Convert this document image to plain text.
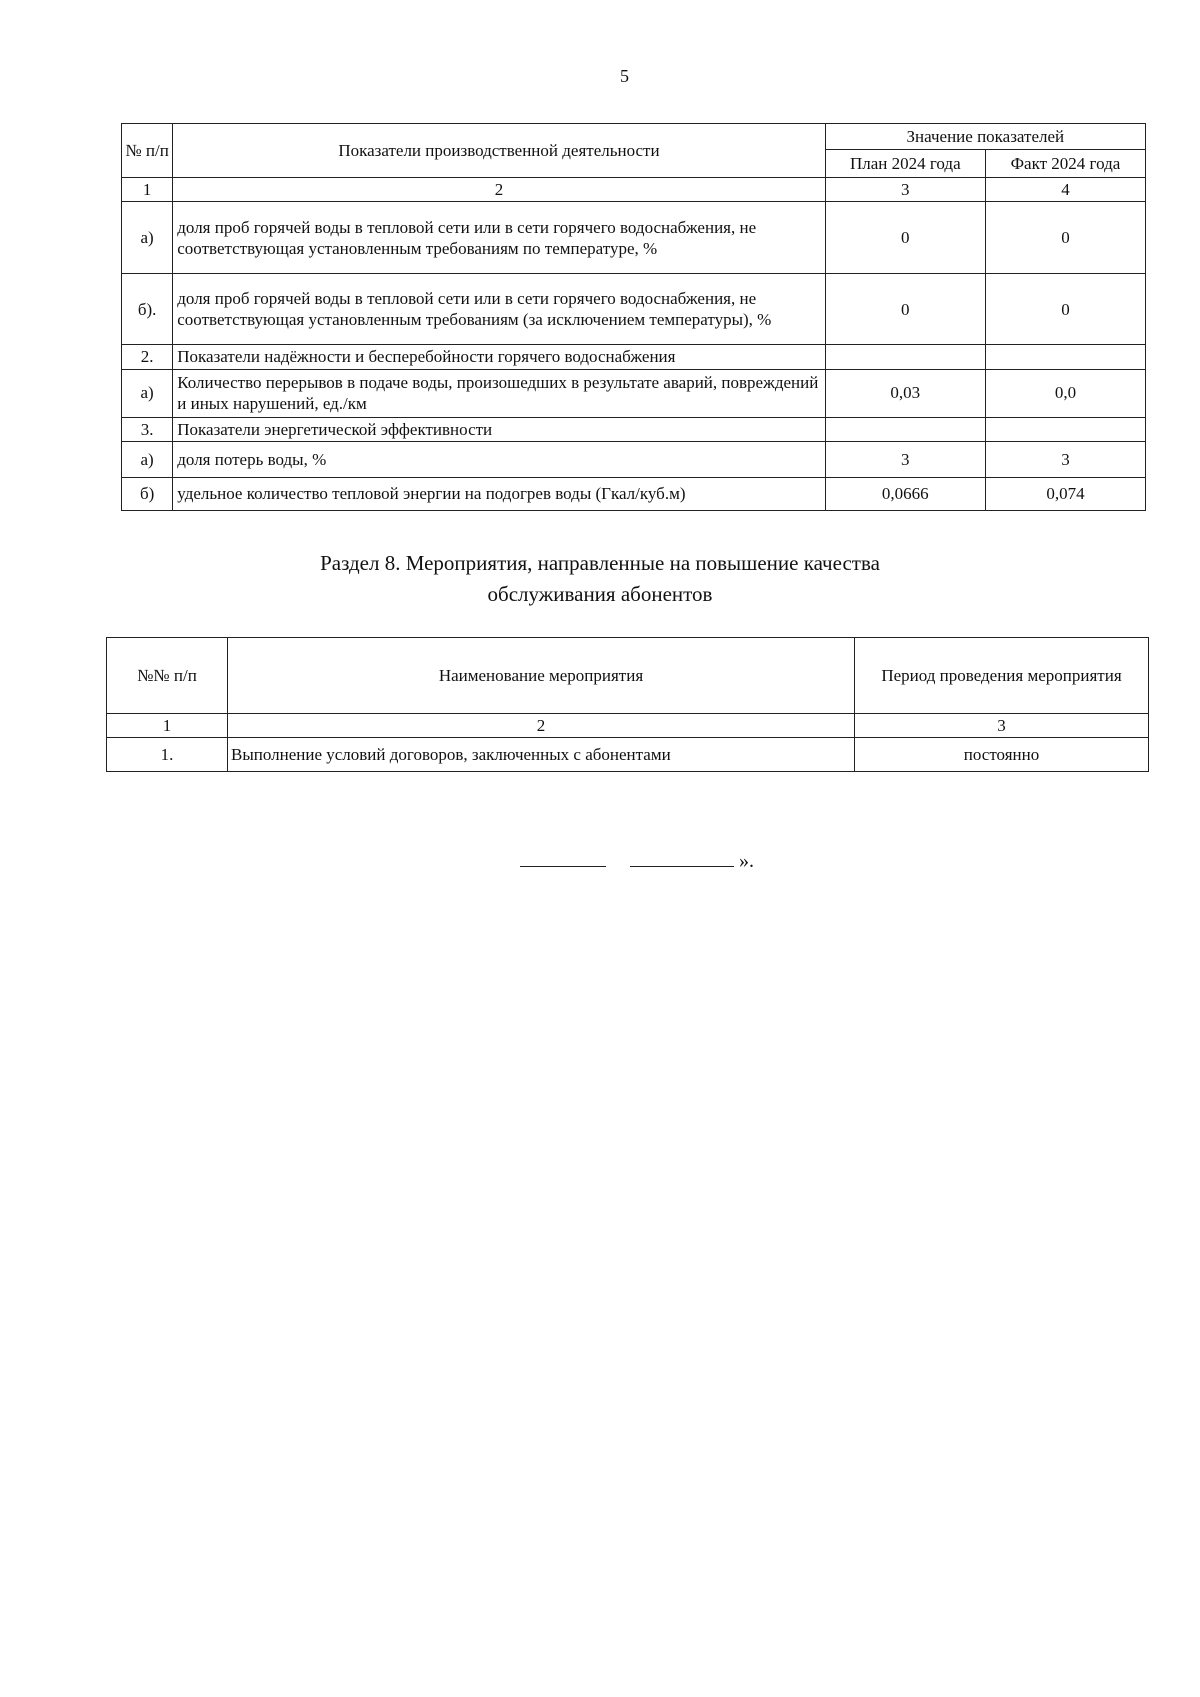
5
№ п/п	Показатели производственной деятельности	Значение показателей	
		План 2024 года	Факт 2024 года
1	2	3	4
а)	доля проб горячей воды в тепловой сети или в сети горячего водоснабжения, не соответствующая установленным требованиям по температуре, %	0	0
б).	доля проб горячей воды в тепловой сети или в сети горячего водоснабжения, не соответствующая установленным требованиям (за исключением температуры), %	0	0
2.	Показатели надёжности и бесперебойности горячего водоснабжения		
а)	Количество перерывов в подаче воды, произошедших в результате аварий, повреждений и иных нарушений, ед./км	0,03	0,0
3.	Показатели энергетической эффективности		
а)	доля потерь воды, %	3	3
б)	удельное количество тепловой энергии на подогрев воды (Гкал/куб.м)	0,0666	0,074
Раздел 8. Мероприятия, направленные на повышение качества
обслуживания абонентов
№№ п/п	Наименование мероприятия	Период проведения мероприятия
1	2	3
1.	Выполнение условий договоров, заключенных с абонентами	постоянно
».
